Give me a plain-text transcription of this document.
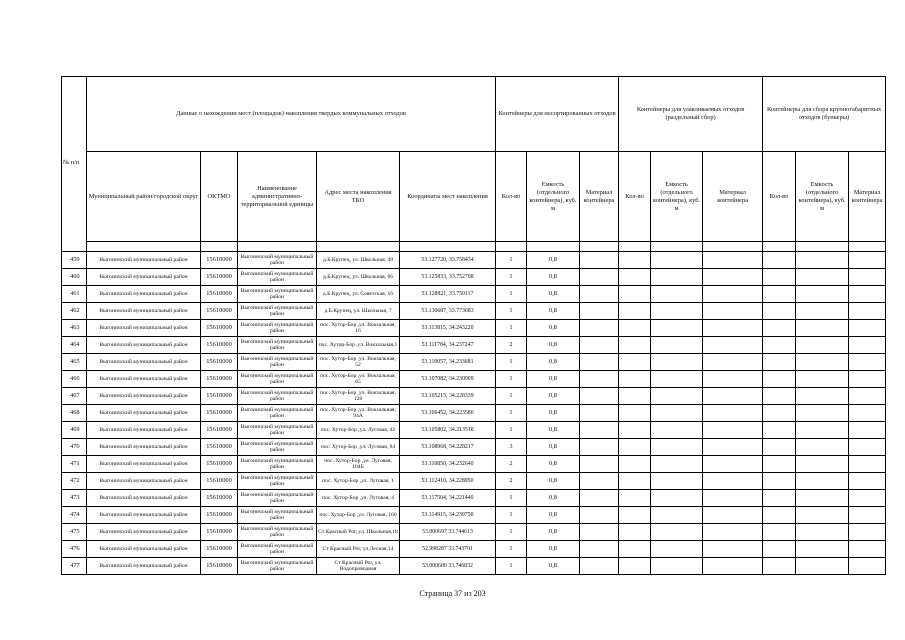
№ п/п	Данные о нахождении мест (площадок) накопления твердых коммунальных отходов					Контейнеры для несортированных отходов			Контейнеры для улавливаемых отходов (раздельный сбор)			Контейнеры для сбора крупногабаритных отходов (бункеры)		
	Муниципальный район/городской округ	ОКТМО	Наименование административно-территориальной единицы	Адрес места накопления ТКО	Координаты мест накопления	Кол-во	Емкость (отдельного контейнера), куб. м	Материал контейнера	Кол-во	Емкость (отдельного контейнера), куб. м	Материал контейнера	Кол-во	Емкость (отдельного контейнера), куб. м	Материал контейнера

459	Выгоничский муниципальный район	15610000	Выгоничский муниципальный район	д.Б.Крупец, ул. Школьная, 49	53.127720, 33.758434	1	0,8							
460	Выгоничский муниципальный район	15610000	Выгоничский муниципальный район	д.Б.Крупец, ул. Школьная, 66	53.125833, 33.752708	1	0,8							
461	Выгоничский муниципальный район	15610000	Выгоничский муниципальный район	д.Б.Крупец, ул. Советская, 16	53.128821, 33.750117	1	0,8							
462	Выгоничский муниципальный район	15610000	Выгоничский муниципальный район	д.Б.Крупец, ул. Школьная, 7	53.130687, 33.773683	1	0,8							
463	Выгоничский муниципальный район	15610000	Выгоничский муниципальный район	пос. Хутор-Бор ,ул. Вокзальная, 16	53.113815, 34.243220	1	0,8							
464	Выгоничский муниципальный район	15610000	Выгоничский муниципальный район	пос. Хутор-Бор ,ул. Вокзальная,1	53.111784, 34.237247	2	0,8							
465	Выгоничский муниципальный район	15610000	Выгоничский муниципальный район	пос. Хутор-Бор ,ул. Вокзальная, 52	53.110057, 34.233681	1	0,8							
466	Выгоничский муниципальный район	15610000	Выгоничский муниципальный район	пос. Хутор-Бор ,ул. Вокзальная, 65	53.107082, 34.230909	1	0,8							
467	Выгоничский муниципальный район	15610000	Выгоничский муниципальный район	пос. Хутор-Бор ,ул. Вокзальная, 128	53.105215, 34.228339	1	0,8							
468	Выгоничский муниципальный район	15610000	Выгоничский муниципальный район	пос. Хутор-Бор ,ул. Вокзальная, 94А	53.106452, 34.223580	1	0,8							
469	Выгоничский муниципальный район	15610000	Выгоничский муниципальный район	пос. Хутор-Бор ,ул. Луговая, 42	53.105802, 34.213518	1	0,8							
470	Выгоничский муниципальный район	15610000	Выгоничский муниципальный район	пос. Хутор-Бор ,ул. Луговая, 84	53.108968, 34.228217	3	0,8							
471	Выгоничский муниципальный район	15610000	Выгоничский муниципальный район	пос. Хутор-Бор ,ул. Луговая, 104Б	53.110850, 34.232640	2	0,8							
472	Выгоничский муниципальный район	15610000	Выгоничский муниципальный район	пос. Хутор-Бор ,ул. Луговая, 1	53.112410, 34.228950	2	0,8							
473	Выгоничский муниципальный район	15610000	Выгоничский муниципальный район	пос. Хутор-Бор ,ул. Луговая, 4	53.117504, 34.221440	1	0,8							
474	Выгоничский муниципальный район	15610000	Выгоничский муниципальный район	пос. Хутор-Бор ,ул. Луговая, 160	53.114915, 34.239750	1	0,8							
475	Выгоничский муниципальный район	15610000	Выгоничский муниципальный район	Ст Красный Рог, ул. Школьная,18	53.000697 33.744613	1	0,8							
476	Выгоничский муниципальный район	15610000	Выгоничский муниципальный район	Ст Красный Рог, ул.Лесная,14	52.998287 33.743701	1	0,8							
477	Выгоничский муниципальный район	15610000	Выгоничский муниципальный район	Ст Красный Рог, ул. Водопроводная	53.000680 33.746832	1	0,8							
Страница 37 из 203
